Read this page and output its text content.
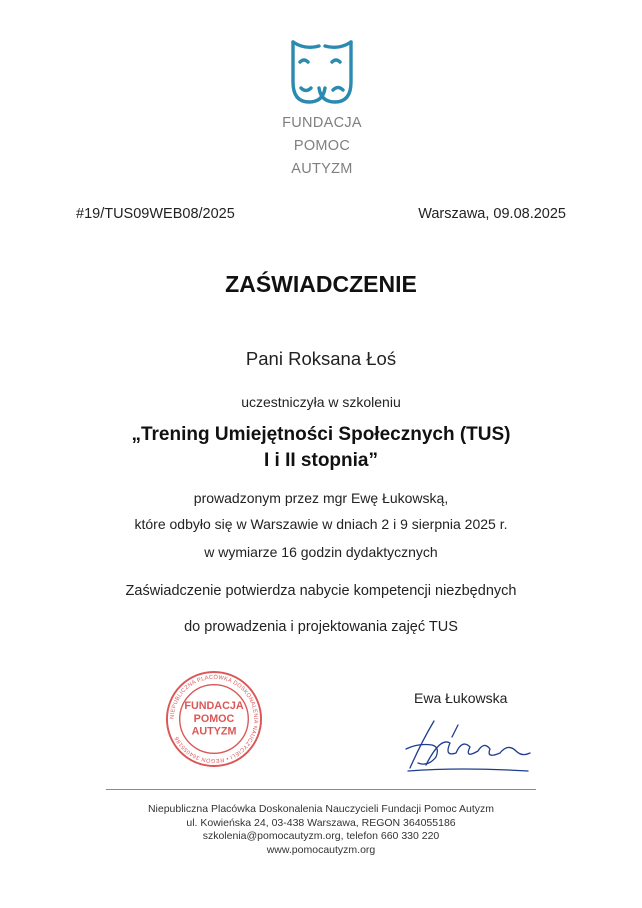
FUNDACJA
POMOC
AUTYZM
#19/TUS09WEB08/2025	Warszawa, 09.08.2025
ZAŚWIADCZENIE
Pani Roksana Łoś
uczestniczyła w szkoleniu
„Trening Umiejętności Społecznych (TUS)
I i II stopnia”
prowadzonym przez mgr Ewę Łukowską,
które odbyło się w Warszawie w dniach 2 i 9 sierpnia 2025 r.
w wymiarze 16 godzin dydaktycznych
Zaświadczenie potwierdza nabycie kompetencji niezbędnych
do prowadzenia i projektowania zajęć TUS
NIEPUBLICZNA PLACÓWKA DOSKONALENIA NAUCZYCIELI • REGON 364055186
FUNDACJA
POMOC
AUTYZM
Ewa Łukowska
Niepubliczna Placówka Doskonalenia Nauczycieli Fundacji Pomoc Autyzm
ul. Kowieńska 24, 03-438 Warszawa, REGON 364055186
szkolenia@pomocautyzm.org, telefon 660 330 220
www.pomocautyzm.org
